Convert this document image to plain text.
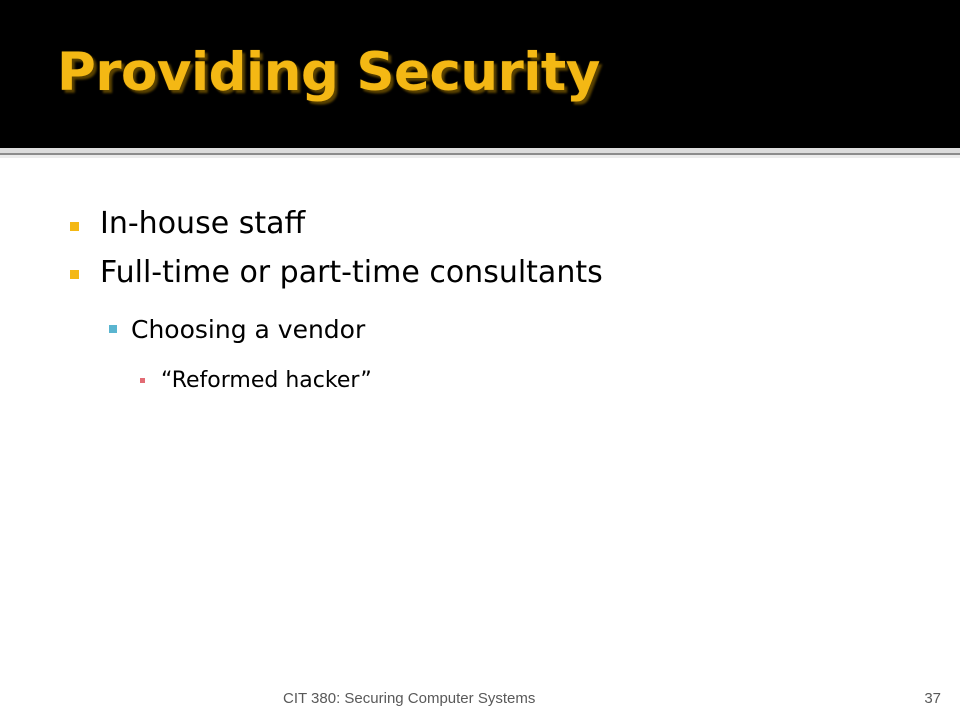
Providing Security
In-house staff
Full-time or part-time consultants
Choosing a vendor
“Reformed hacker”
CIT 380: Securing Computer Systems	37
